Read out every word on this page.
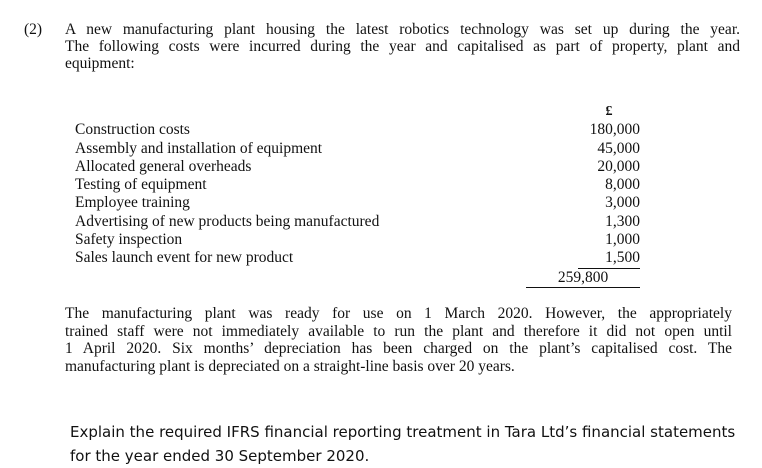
(2) A new manufacturing plant housing the latest robotics technology was set up during the year.
The following costs were incurred during the year and capitalised as part of property, plant and
equipment:
£
Construction costs	180,000
Assembly and installation of equipment	45,000
Allocated general overheads	20,000
Testing of equipment	8,000
Employee training	3,000
Advertising of new products being manufactured	1,300
Safety inspection	1,000
Sales launch event for new product	1,500
259,800
The manufacturing plant was ready for use on 1 March 2020. However, the appropriately
trained staff were not immediately available to run the plant and therefore it did not open until
1 April 2020. Six months’ depreciation has been charged on the plant’s capitalised cost. The
manufacturing plant is depreciated on a straight-line basis over 20 years.
Explain the required IFRS financial reporting treatment in Tara Ltd’s financial statements
for the year ended 30 September 2020.
